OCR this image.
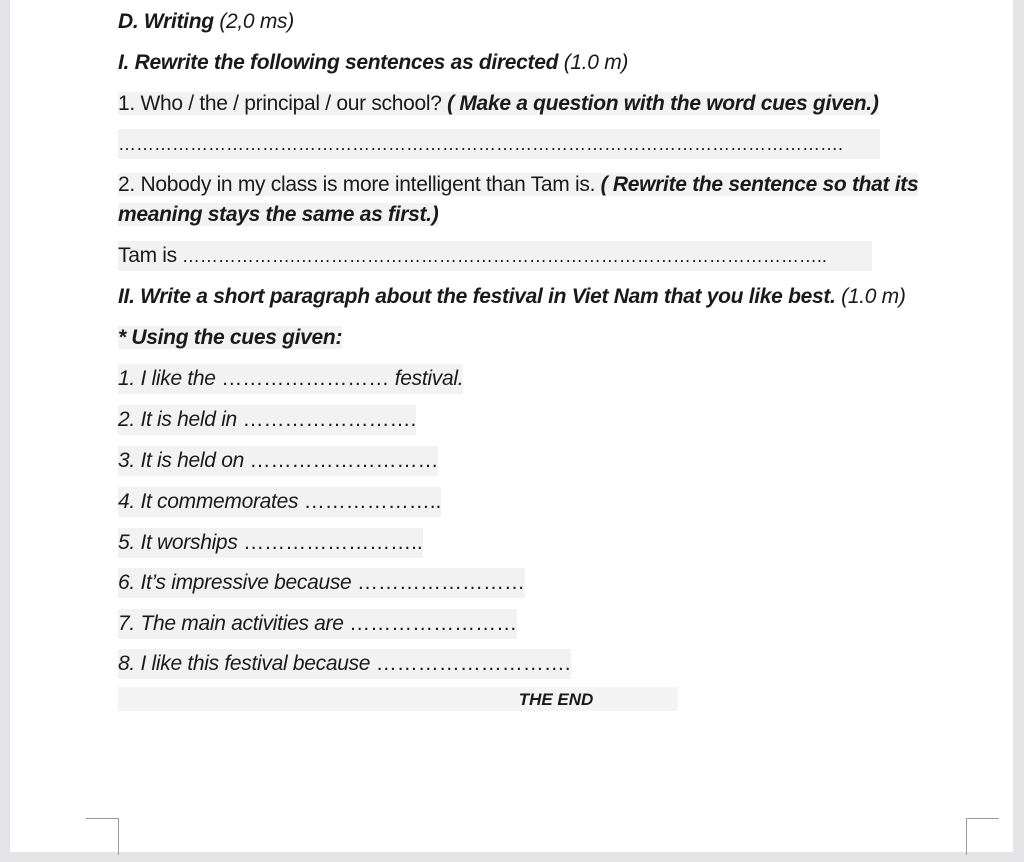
D. Writing (2,0 ms)
I. Rewrite the following sentences as directed (1.0 m)
1. Who / the / principal / our school? ( Make a question with the word cues given.)
………………………………………………………………………………………………………….
2. Nobody in my class is more intelligent than Tam is. ( Rewrite the sentence so that its
meaning stays the same as first.)
Tam is ……………….……………………………………………………………………………..
II. Write a short paragraph about the festival in Viet Nam that you like best. (1.0 m)
* Using the cues given:
1. I like the …………………… festival.
2. It is held in …………………….
3. It is held on ………………………
4. It commemorates ………………..
5. It worships ……………………..
6. It’s impressive because ……………………
7. The main activities are ……………………
8. I like this festival because ……………………….
THE END
